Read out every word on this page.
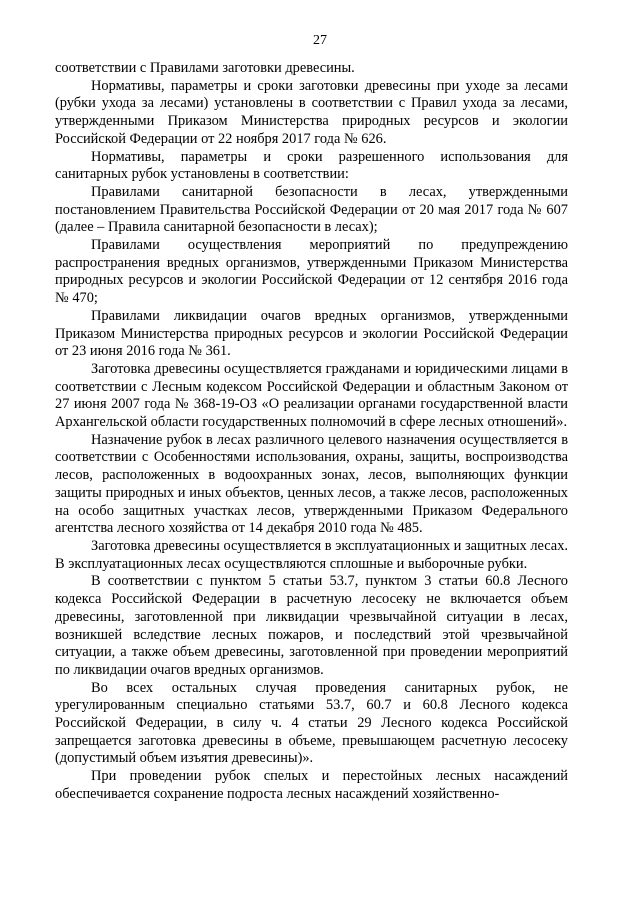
27

соответствии с Правилами заготовки древесины.

Нормативы, параметры и сроки заготовки древесины при уходе за лесами (рубки ухода за лесами) установлены в соответствии с Правил ухода за лесами, утвержденными Приказом Министерства природных ресурсов и экологии Российской Федерации от 22 ноября 2017 года № 626.

Нормативы, параметры и сроки разрешенного использования для санитарных рубок установлены в соответствии:

Правилами санитарной безопасности в лесах, утвержденными постановлением Правительства Российской Федерации от 20 мая 2017 года № 607 (далее – Правила санитарной безопасности в лесах);

Правилами осуществления мероприятий по предупреждению распространения вредных организмов, утвержденными Приказом Министерства природных ресурсов и экологии Российской Федерации от 12 сентября 2016 года № 470;

Правилами ликвидации очагов вредных организмов, утвержденными Приказом Министерства природных ресурсов и экологии Российской Федерации от 23 июня 2016 года № 361.

Заготовка древесины осуществляется гражданами и юридическими лицами в соответствии с Лесным кодексом Российской Федерации и областным Законом от 27 июня 2007 года № 368-19-ОЗ «О реализации органами государственной власти Архангельской области государственных полномочий в сфере лесных отношений».

Назначение рубок в лесах различного целевого назначения осуществляется в соответствии с Особенностями использования, охраны, защиты, воспроизводства лесов, расположенных в водоохранных зонах, лесов, выполняющих функции защиты природных и иных объектов, ценных лесов, а также лесов, расположенных на особо защитных участках лесов, утвержденными Приказом Федерального агентства лесного хозяйства от 14 декабря 2010 года № 485.

Заготовка древесины осуществляется в эксплуатационных и защитных лесах. В эксплуатационных лесах осуществляются сплошные и выборочные рубки.

В соответствии с пунктом 5 статьи 53.7, пунктом 3 статьи 60.8 Лесного кодекса Российской Федерации в расчетную лесосеку не включается объем древесины, заготовленной при ликвидации чрезвычайной ситуации в лесах, возникшей вследствие лесных пожаров, и последствий этой чрезвычайной ситуации, а также объем древесины, заготовленной при проведении мероприятий по ликвидации очагов вредных организмов.

Во всех остальных случая проведения санитарных рубок, не урегулированным специально статьями 53.7, 60.7 и 60.8 Лесного кодекса Российской Федерации, в силу ч. 4 статьи 29 Лесного кодекса Российской запрещается заготовка древесины в объеме, превышающем расчетную лесосеку (допустимый объем изъятия древесины)».

При проведении рубок спелых и перестойных лесных насаждений обеспечивается сохранение подроста лесных насаждений хозяйственно-
